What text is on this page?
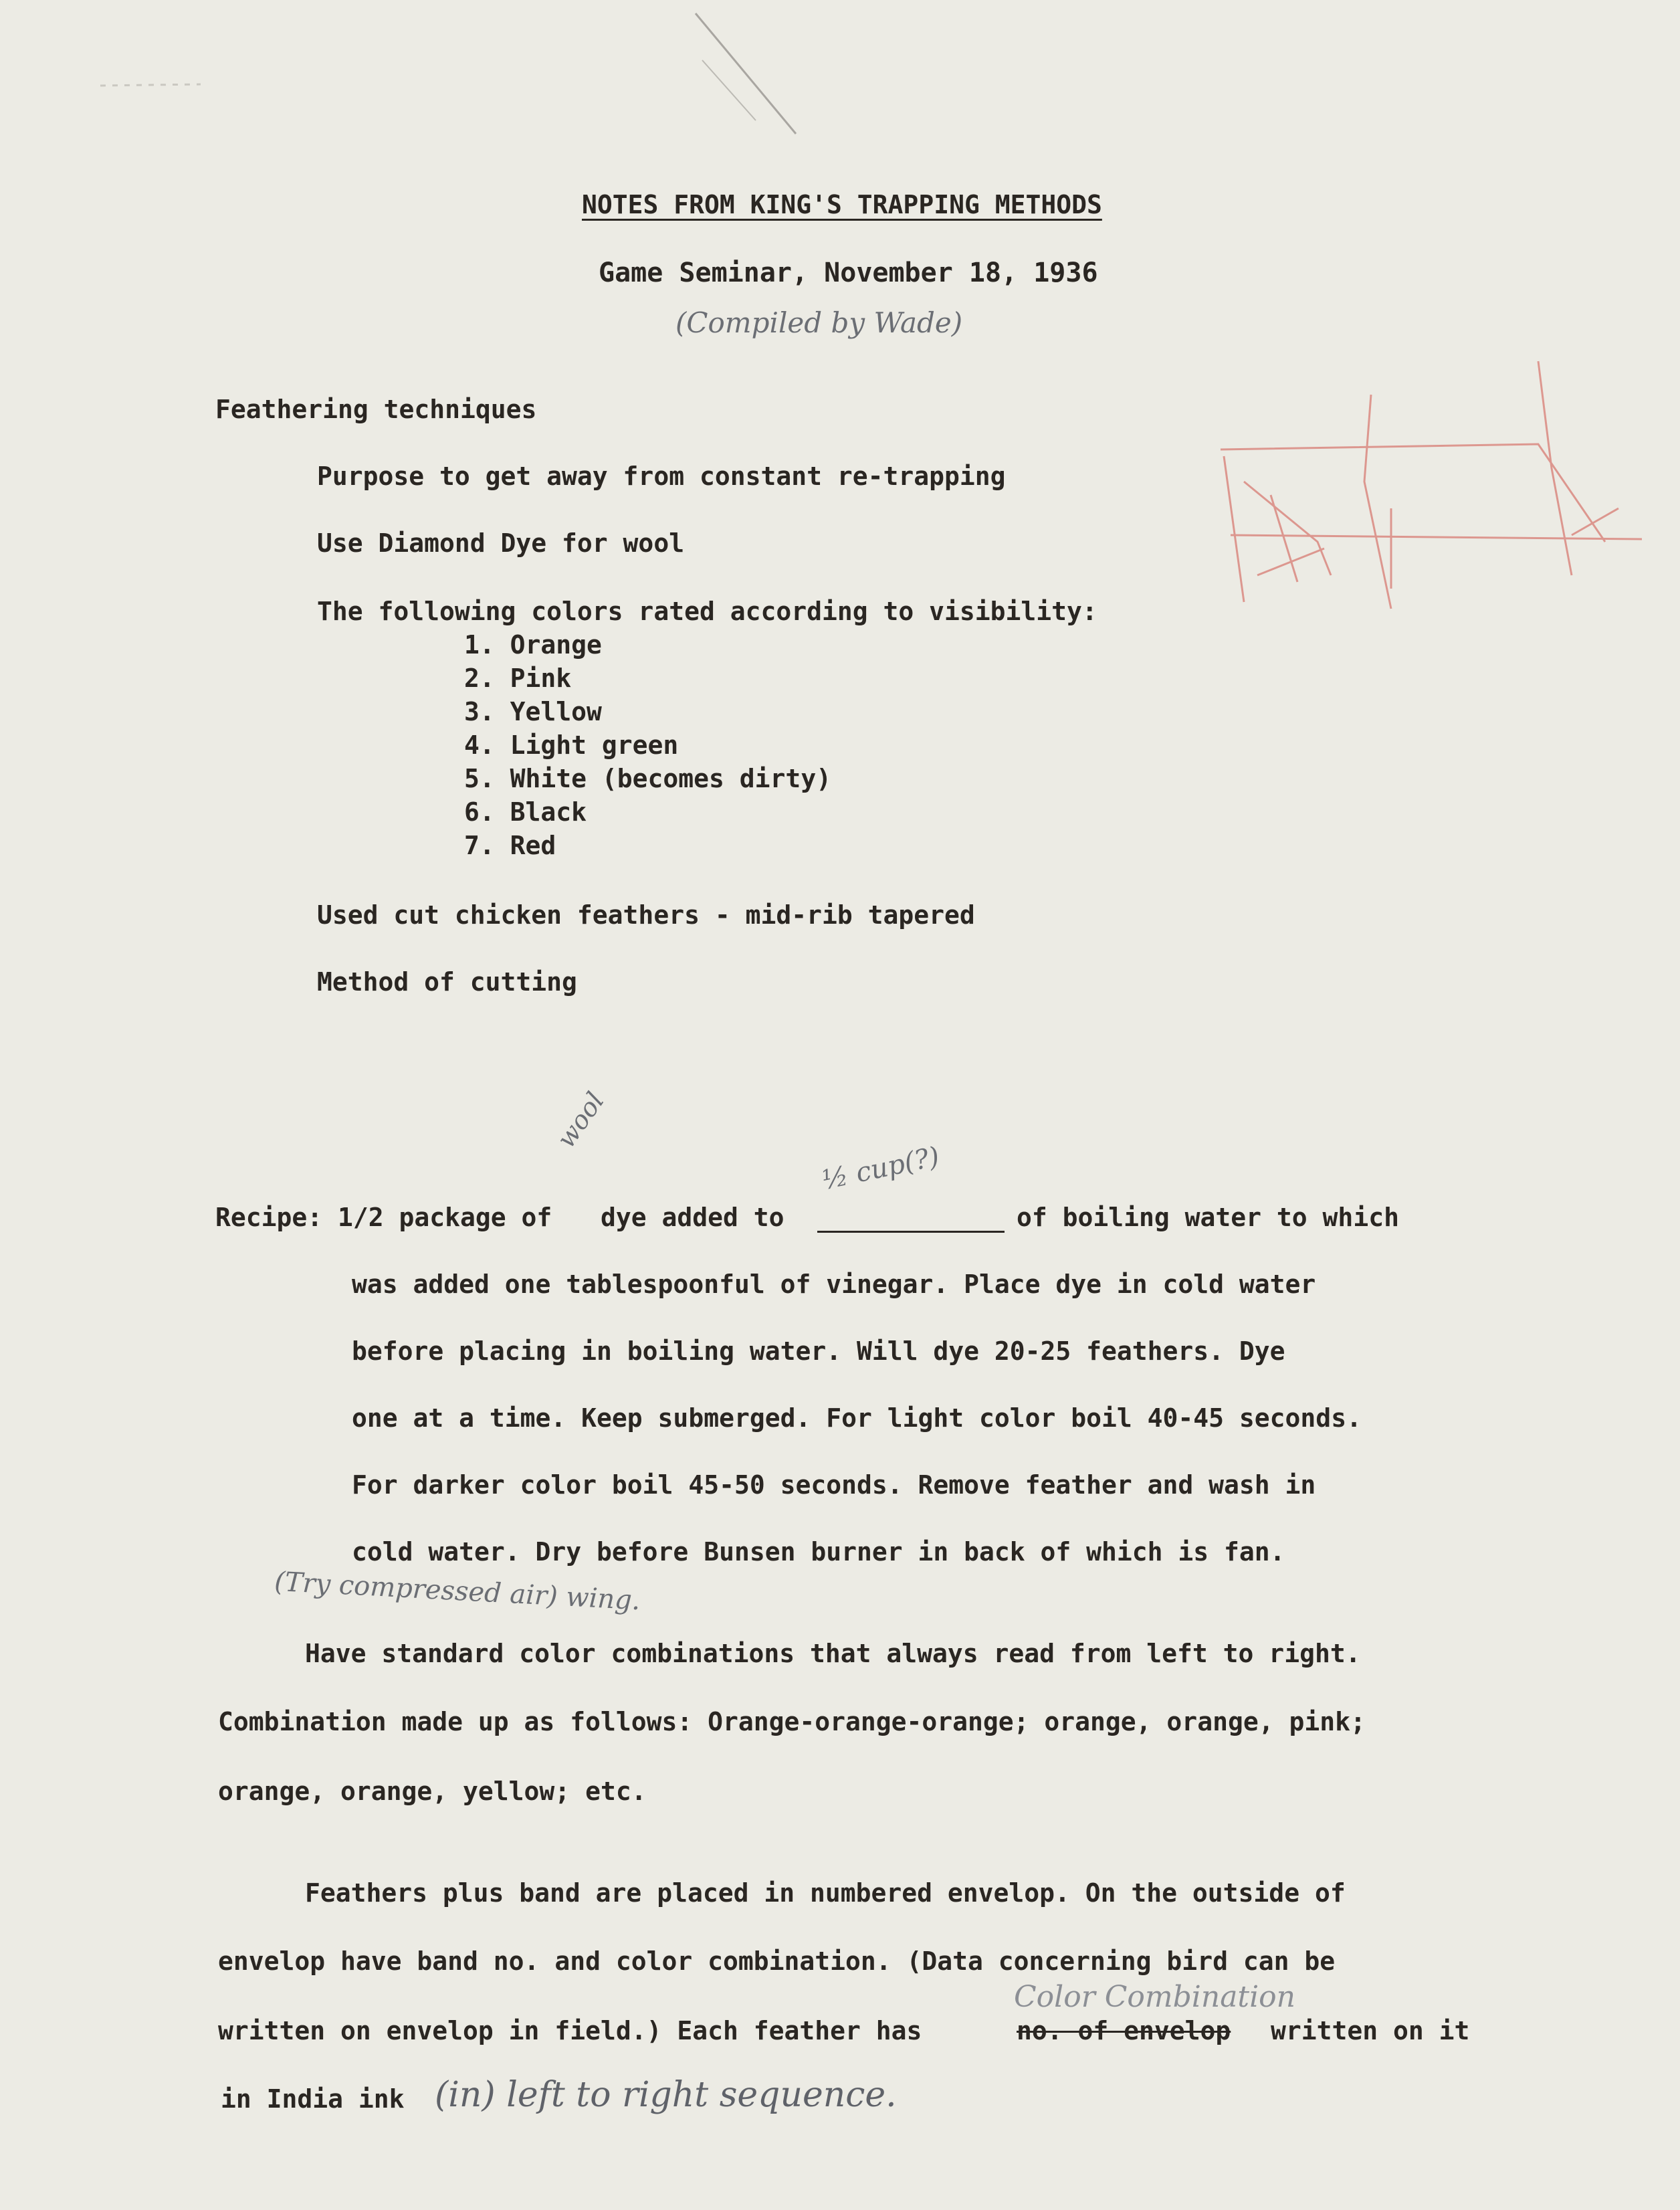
NOTES FROM KING'S TRAPPING METHODS
Game Seminar, November 18, 1936
(Compiled by Wade)
Feathering techniques
Purpose to get away from constant re-trapping
Use Diamond Dye for wool
The following colors rated according to visibility:
1. Orange
2. Pink
3. Yellow
4. Light green
5. White (becomes dirty)
6. Black
7. Red
Used cut chicken feathers - mid-rib tapered
Method of cutting
wool
½ cup(?)
Recipe: 1/2 package of dye added to	of boiling water to which
was added one tablespoonful of vinegar. Place dye in cold water
before placing in boiling water. Will dye 20-25 feathers. Dye
one at a time. Keep submerged. For light color boil 40-45 seconds.
For darker color boil 45-50 seconds. Remove feather and wash in
cold water. Dry before Bunsen burner in back of which is fan.
(Try compressed air) wing.
Have standard color combinations that always read from left to right.
Combination made up as follows: Orange-orange-orange; orange, orange, pink;
orange, orange, yellow; etc.
Feathers plus band are placed in numbered envelop. On the outside of
envelop have band no. and color combination. (Data concerning bird can be
Color Combination
written on envelop in field.) Each feather has	no. of envelop written on it
in India ink (in) left to right sequence.
